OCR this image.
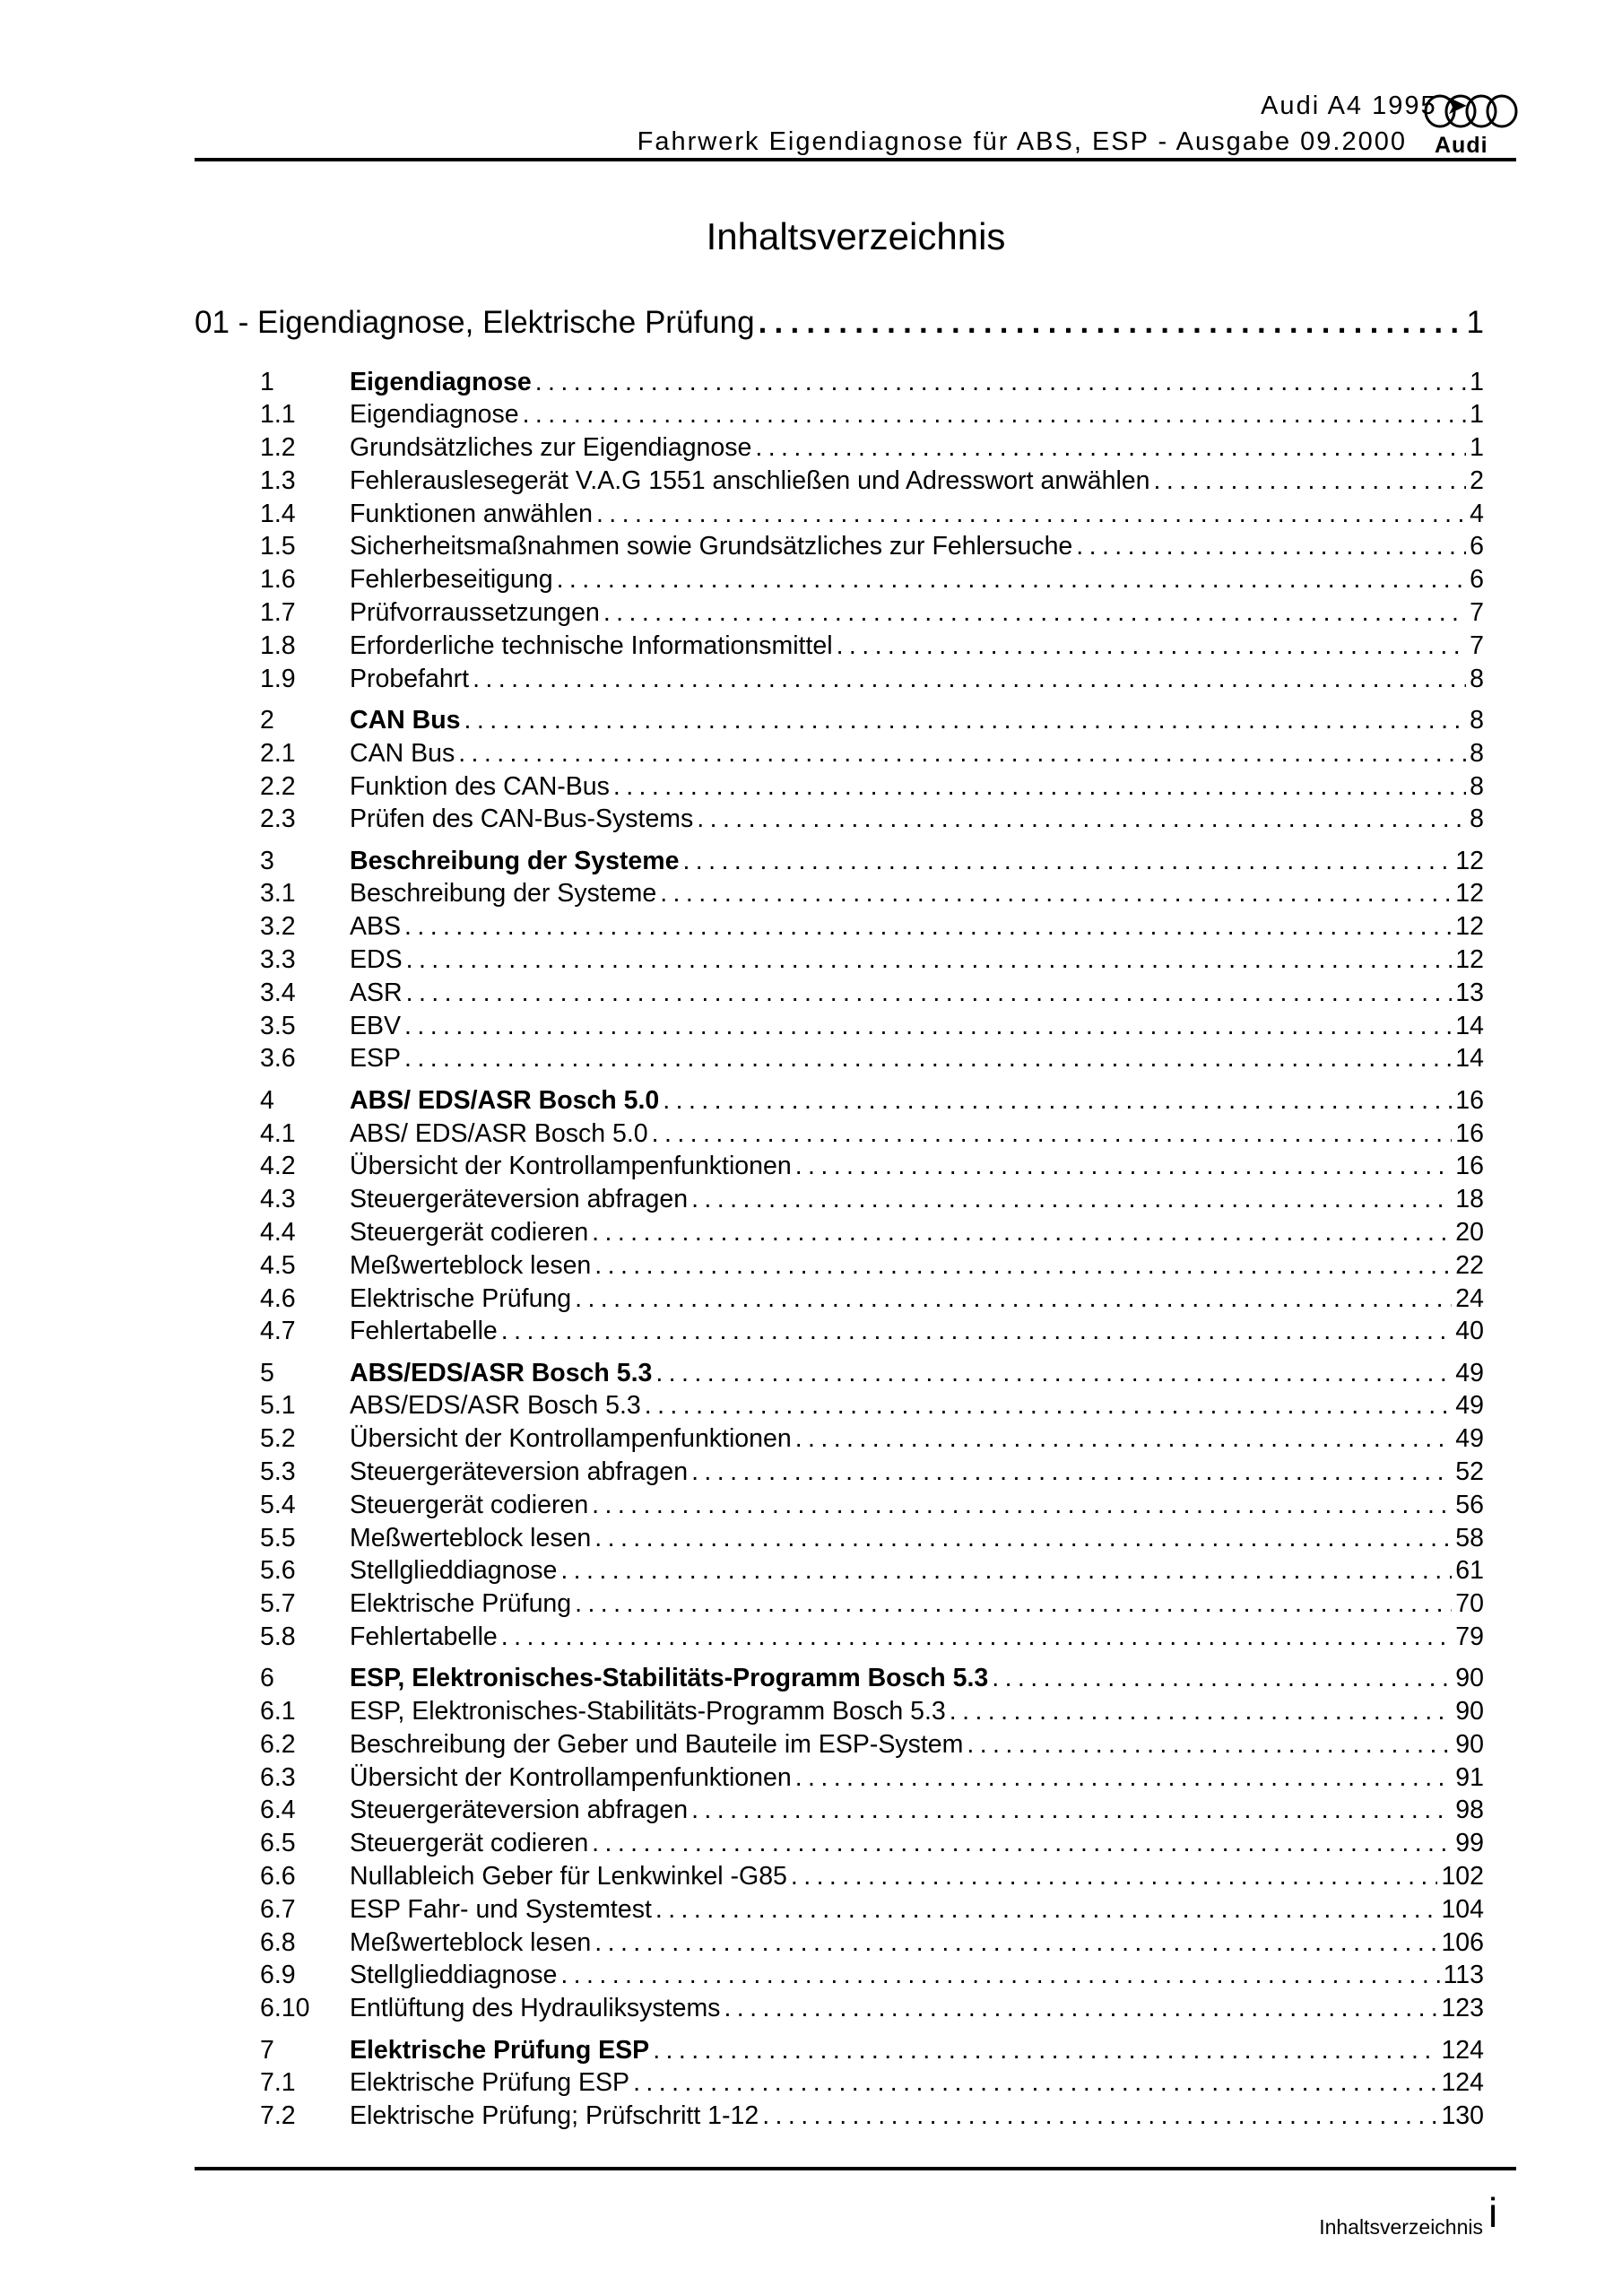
Audi A4 1995 ➤
Fahrwerk Eigendiagnose für ABS, ESP - Ausgabe 09.2000 Audi
Inhaltsverzeichnis
01 - Eigendiagnose, Elektrische Prüfung . . .	1
1	Eigendiagnose . . .	1
1.1	Eigendiagnose . . .	1
1.2	Grundsätzliches zur Eigendiagnose . . .	1
1.3	Fehlerauslesegerät V.A.G 1551 anschließen und Adresswort anwählen . . .	2
1.4	Funktionen anwählen . . .	4
1.5	Sicherheitsmaßnahmen sowie Grundsätzliches zur Fehlersuche . . .	6
1.6	Fehlerbeseitigung . . .	6
1.7	Prüfvorraussetzungen . . .	7
1.8	Erforderliche technische Informationsmittel . . .	7
1.9	Probefahrt . . .	8
2	CAN Bus . . .	8
2.1	CAN Bus . . .	8
2.2	Funktion des CAN-Bus . . .	8
2.3	Prüfen des CAN-Bus-Systems . . .	8
3	Beschreibung der Systeme . . .	12
3.1	Beschreibung der Systeme . . .	12
3.2	ABS . . .	12
3.3	EDS . . .	12
3.4	ASR . . .	13
3.5	EBV . . .	14
3.6	ESP . . .	14
4	ABS/ EDS/ASR Bosch 5.0 . . .	16
4.1	ABS/ EDS/ASR Bosch 5.0 . . .	16
4.2	Übersicht der Kontrollampenfunktionen . . .	16
4.3	Steuergeräteversion abfragen . . .	18
4.4	Steuergerät codieren . . .	20
4.5	Meßwerteblock lesen . . .	22
4.6	Elektrische Prüfung . . .	24
4.7	Fehlertabelle . . .	40
5	ABS/EDS/ASR Bosch 5.3 . . .	49
5.1	ABS/EDS/ASR Bosch 5.3 . . .	49
5.2	Übersicht der Kontrollampenfunktionen . . .	49
5.3	Steuergeräteversion abfragen . . .	52
5.4	Steuergerät codieren . . .	56
5.5	Meßwerteblock lesen . . .	58
5.6	Stellglieddiagnose . . .	61
5.7	Elektrische Prüfung . . .	70
5.8	Fehlertabelle . . .	79
6	ESP, Elektronisches-Stabilitäts-Programm Bosch 5.3 . . .	90
6.1	ESP, Elektronisches-Stabilitäts-Programm Bosch 5.3 . . .	90
6.2	Beschreibung der Geber und Bauteile im ESP-System . . .	90
6.3	Übersicht der Kontrollampenfunktionen . . .	91
6.4	Steuergeräteversion abfragen . . .	98
6.5	Steuergerät codieren . . .	99
6.6	Nullableich Geber für Lenkwinkel -G85 . . .	102
6.7	ESP Fahr- und Systemtest . . .	104
6.8	Meßwerteblock lesen . . .	106
6.9	Stellglieddiagnose . . .	113
6.10	Entlüftung des Hydrauliksystems . . .	123
7	Elektrische Prüfung ESP . . .	124
7.1	Elektrische Prüfung ESP . . .	124
7.2	Elektrische Prüfung; Prüfschritt 1-12 . . .	130
Inhaltsverzeichnis i
